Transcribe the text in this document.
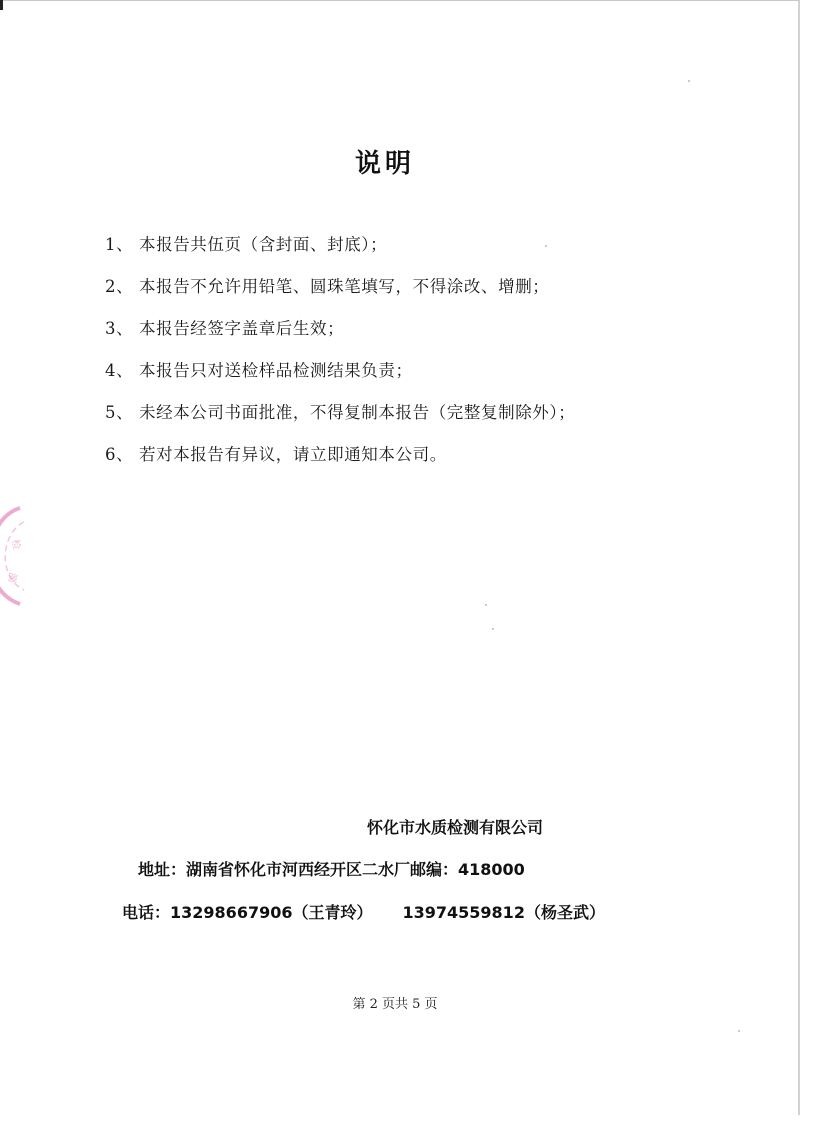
检
测
说明
1、 本报告共伍页（含封面、封底）；
2、 本报告不允许用铅笔、圆珠笔填写，不得涂改、增删；
3、 本报告经签字盖章后生效；
4、 本报告只对送检样品检测结果负责；
5、 未经本公司书面批准，不得复制本报告（完整复制除外）；
6、 若对本报告有异议，请立即通知本公司。
怀化市水质检测有限公司
地址：湖南省怀化市河西经开区二水厂邮编：418000
电话：13298667906（王青玲） 13974559812（杨圣武）
第 2 页共 5 页
